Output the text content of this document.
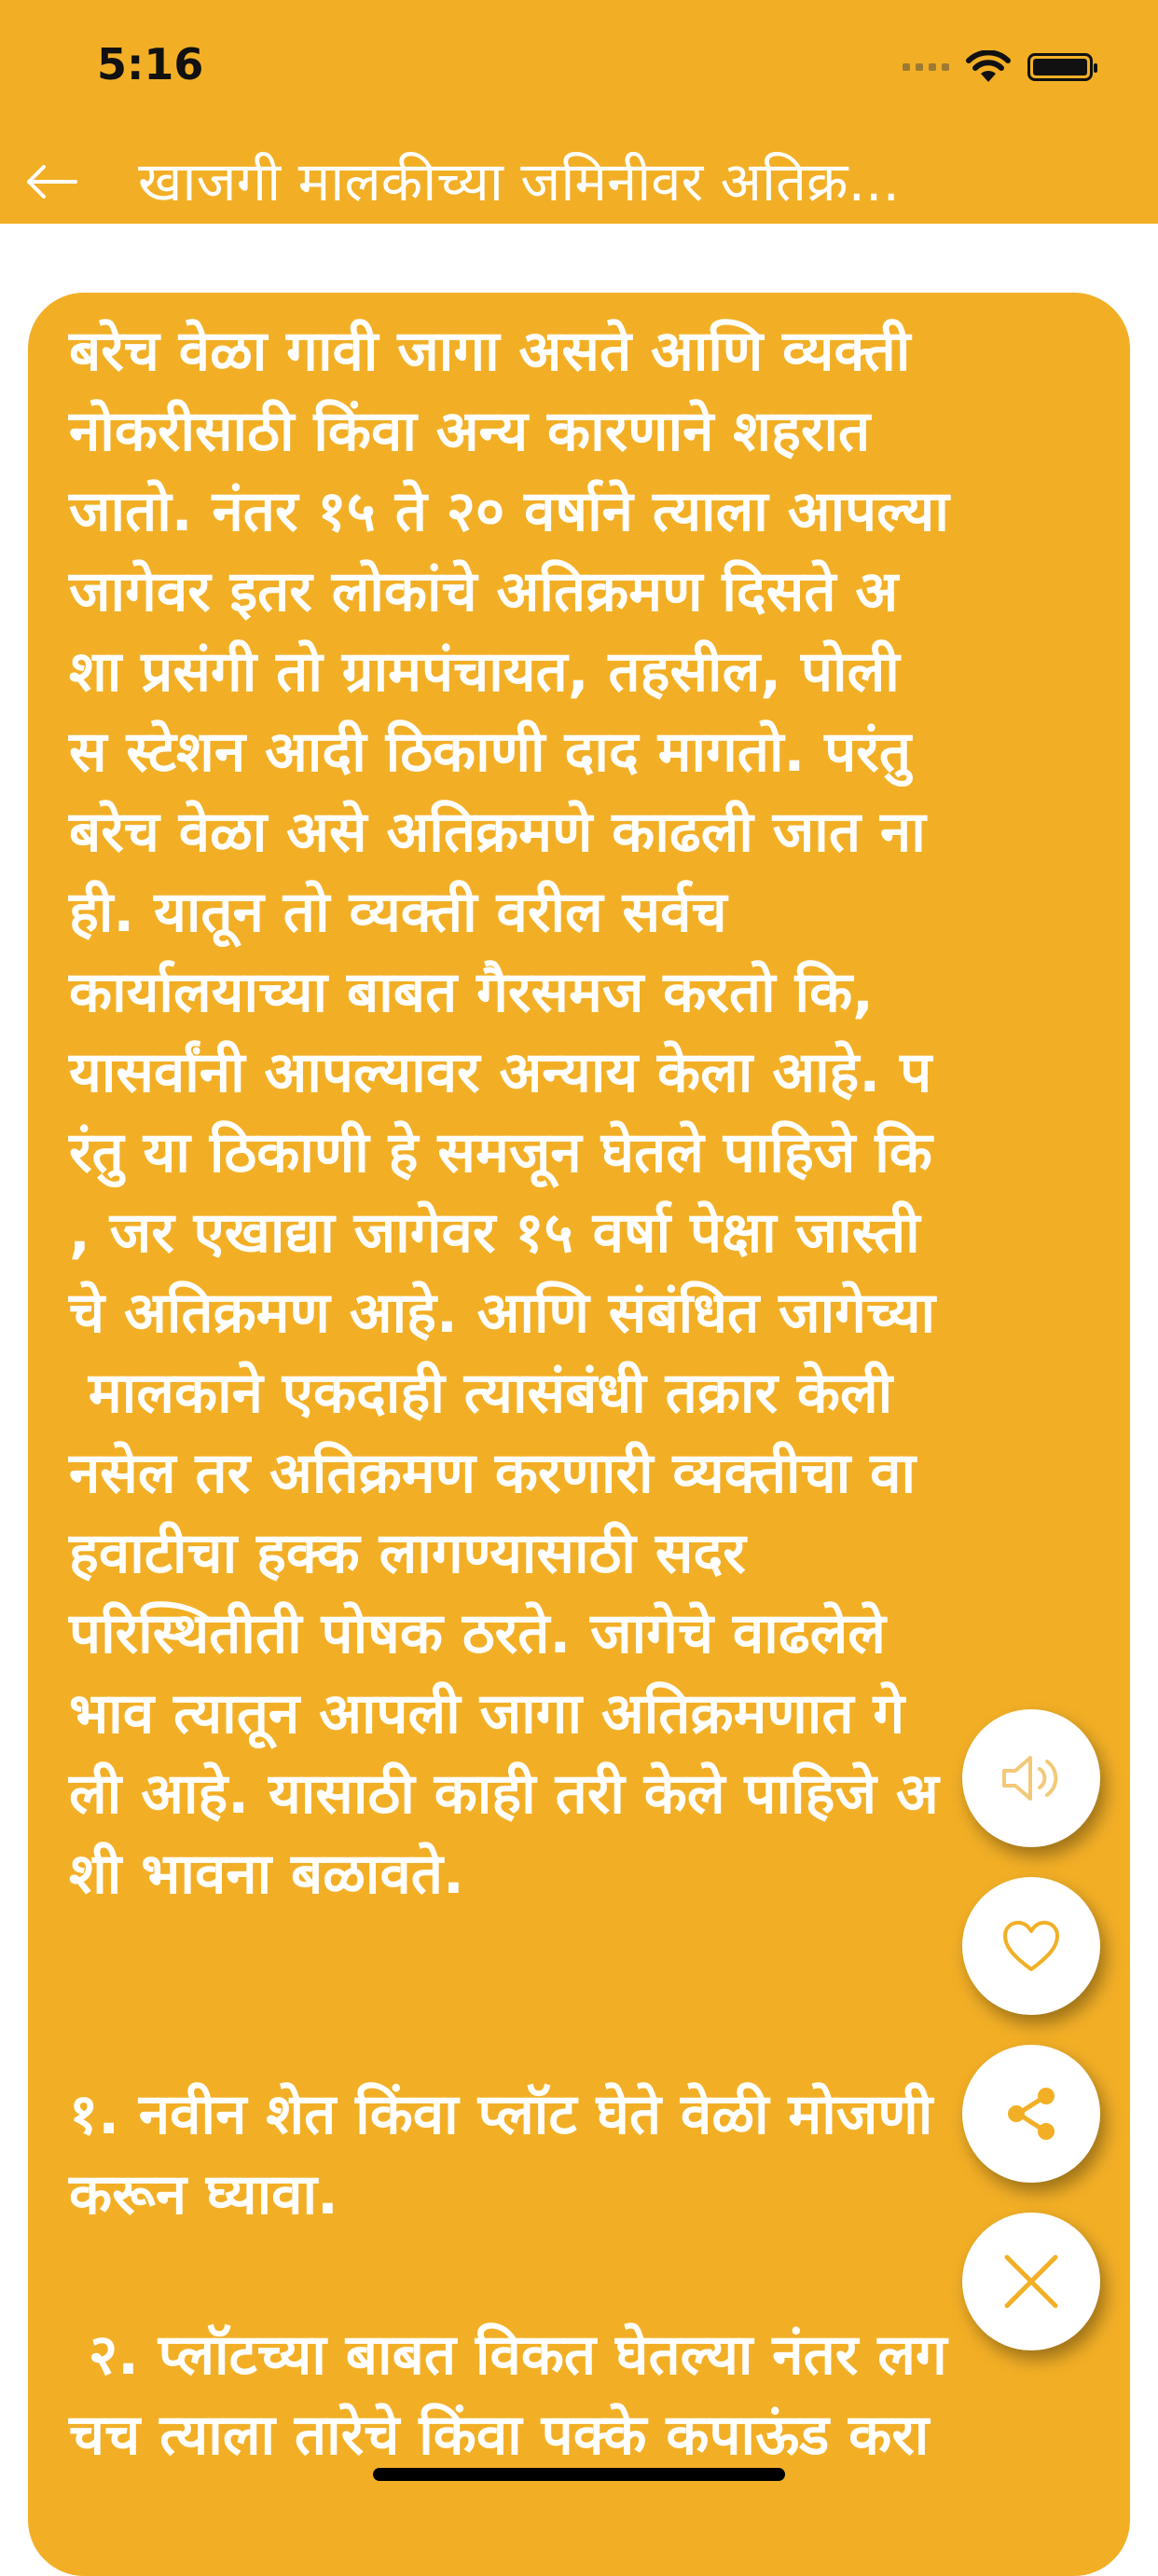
5:16
खाजगी मालकीच्या जमिनीवर अतिक्र...
बरेच वेळा गावी जागा असते आणि व्यक्ती
नोकरीसाठी किंवा अन्य कारणाने शहरात
जातो. नंतर १५ ते २० वर्षाने त्याला आपल्या
जागेवर इतर लोकांचे अतिक्रमण दिसते अ
शा प्रसंगी तो ग्रामपंचायत, तहसील, पोली
स स्टेशन आदी ठिकाणी दाद मागतो. परंतु
बरेच वेळा असे अतिक्रमणे काढली जात ना
ही. यातून तो व्यक्ती वरील सर्वच
कार्यालयाच्या बाबत गैरसमज करतो कि,
यासर्वांनी आपल्यावर अन्याय केला आहे. प
रंतु या ठिकाणी हे समजून घेतले पाहिजे कि
, जर एखाद्या जागेवर १५ वर्षा पेक्षा जास्ती
चे अतिक्रमण आहे. आणि संबंधित जागेच्या
मालकाने एकदाही त्यासंबंधी तक्रार केली
नसेल तर अतिक्रमण करणारी व्यक्तीचा वा
हवाटीचा हक्क लागण्यासाठी सदर
परिस्थितीती पोषक ठरते. जागेचे वाढलेले
भाव त्यातून आपली जागा अतिक्रमणात गे
ली आहे. यासाठी काही तरी केले पाहिजे अ
शी भावना बळावते.

१. नवीन शेत किंवा प्लॉट घेते वेळी मोजणी
करून घ्यावा.

२. प्लॉटच्या बाबत विकत घेतल्या नंतर लग
चच त्याला तारेचे किंवा पक्के कपाऊंड करा
